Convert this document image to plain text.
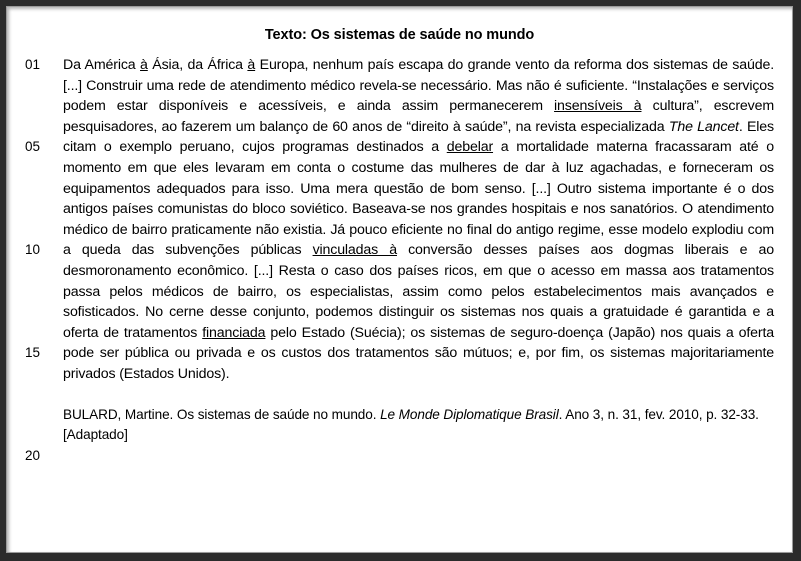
Texto: Os sistemas de saúde no mundo
01
05
10
15
20
Da América à Ásia, da África à Europa, nenhum país escapa do grande vento da reforma dos sistemas de saúde. [...] Construir uma rede de atendimento médico revela-se necessário. Mas não é suficiente. “Instalações e serviços podem estar disponíveis e acessíveis, e ainda assim permanecerem insensíveis à cultura”, escrevem pesquisadores, ao fazerem um balanço de 60 anos de “direito à saúde”, na revista especializada The Lancet. Eles citam o exemplo peruano, cujos programas destinados a debelar a mortalidade materna fracassaram até o momento em que eles levaram em conta o costume das mulheres de dar à luz agachadas, e forneceram os equipamentos adequados para isso. Uma mera questão de bom senso. [...] Outro sistema importante é o dos antigos países comunistas do bloco soviético. Baseava-se nos grandes hospitais e nos sanatórios. O atendimento médico de bairro praticamente não existia. Já pouco eficiente no final do antigo regime, esse modelo explodiu com a queda das subvenções públicas vinculadas à conversão desses países aos dogmas liberais e ao desmoronamento econômico. [...] Resta o caso dos países ricos, em que o acesso em massa aos tratamentos passa pelos médicos de bairro, os especialistas, assim como pelos estabelecimentos mais avançados e sofisticados. No cerne desse conjunto, podemos distinguir os sistemas nos quais a gratuidade é garantida e a oferta de tratamentos financiada pelo Estado (Suécia); os sistemas de seguro-doença (Japão) nos quais a oferta pode ser pública ou privada e os custos dos tratamentos são mútuos; e, por fim, os sistemas majoritariamente privados (Estados Unidos).
BULARD, Martine. Os sistemas de saúde no mundo. Le Monde Diplomatique Brasil. Ano 3, n. 31, fev. 2010, p. 32-33. [Adaptado]
